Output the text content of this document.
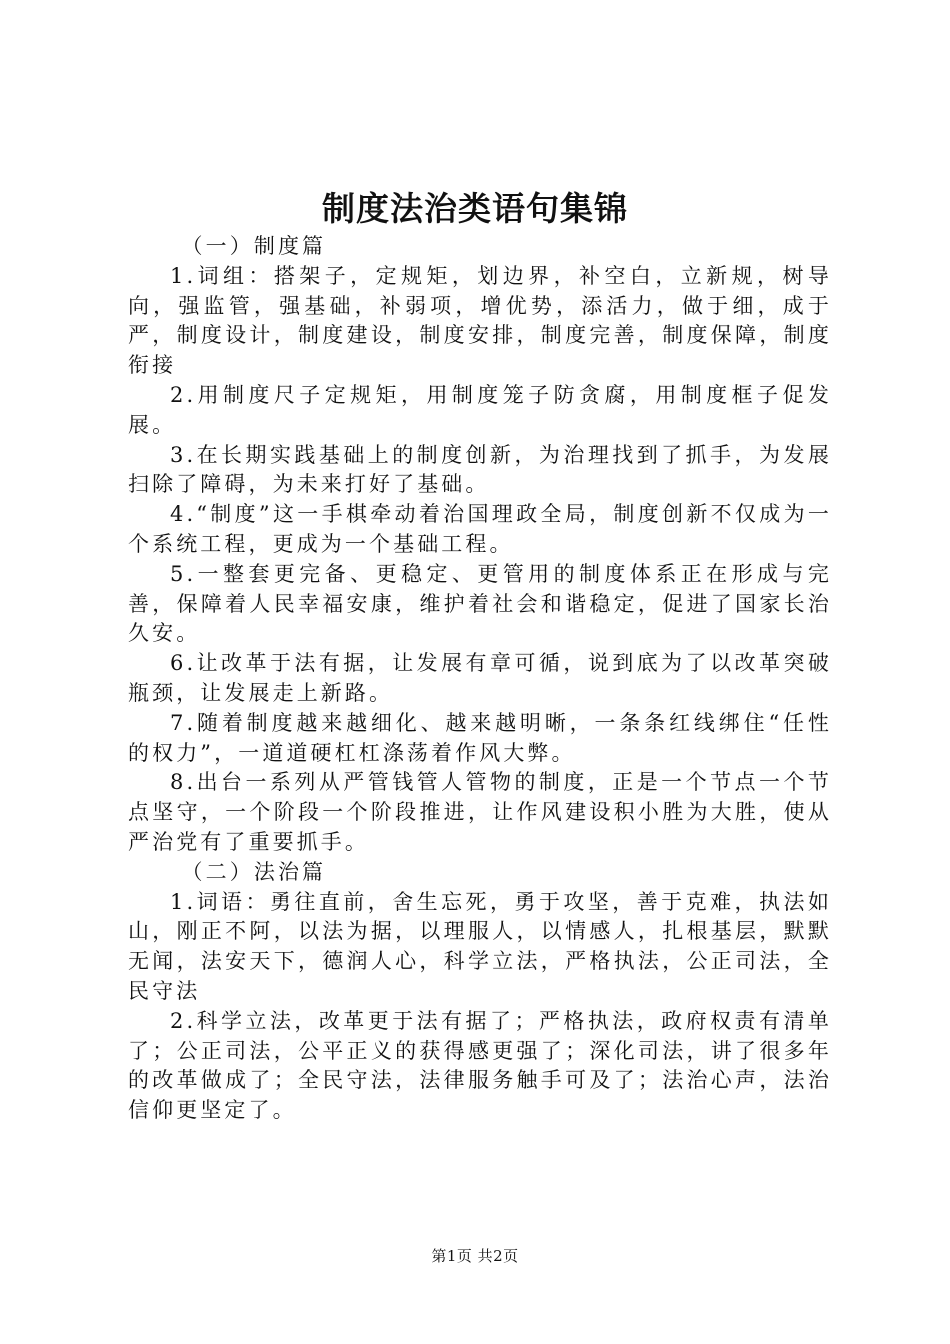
制度法治类语句集锦

（一）制度篇

1.词组：搭架子，定规矩，划边界，补空白，立新规，树导向，强监管，强基础，补弱项，增优势，添活力，做于细，成于严，制度设计，制度建设，制度安排，制度完善，制度保障，制度衔接

2.用制度尺子定规矩，用制度笼子防贪腐，用制度框子促发展。

3.在长期实践基础上的制度创新，为治理找到了抓手，为发展扫除了障碍，为未来打好了基础。

4.“制度”这一手棋牵动着治国理政全局，制度创新不仅成为一个系统工程，更成为一个基础工程。

5.一整套更完备、更稳定、更管用的制度体系正在形成与完善，保障着人民幸福安康，维护着社会和谐稳定，促进了国家长治久安。

6.让改革于法有据，让发展有章可循，说到底为了以改革突破瓶颈，让发展走上新路。

7.随着制度越来越细化、越来越明晰，一条条红线绑住“任性的权力”，一道道硬杠杠涤荡着作风大弊。

8.出台一系列从严管钱管人管物的制度，正是一个节点一个节点坚守，一个阶段一个阶段推进，让作风建设积小胜为大胜，使从严治党有了重要抓手。

（二）法治篇

1.词语：勇往直前，舍生忘死，勇于攻坚，善于克难，执法如山，刚正不阿，以法为据，以理服人，以情感人，扎根基层，默默无闻，法安天下，德润人心，科学立法，严格执法，公正司法，全民守法

2.科学立法，改革更于法有据了；严格执法，政府权责有清单了；公正司法，公平正义的获得感更强了；深化司法，讲了很多年的改革做成了；全民守法，法律服务触手可及了；法治心声，法治信仰更坚定了。

第1页 共2页
